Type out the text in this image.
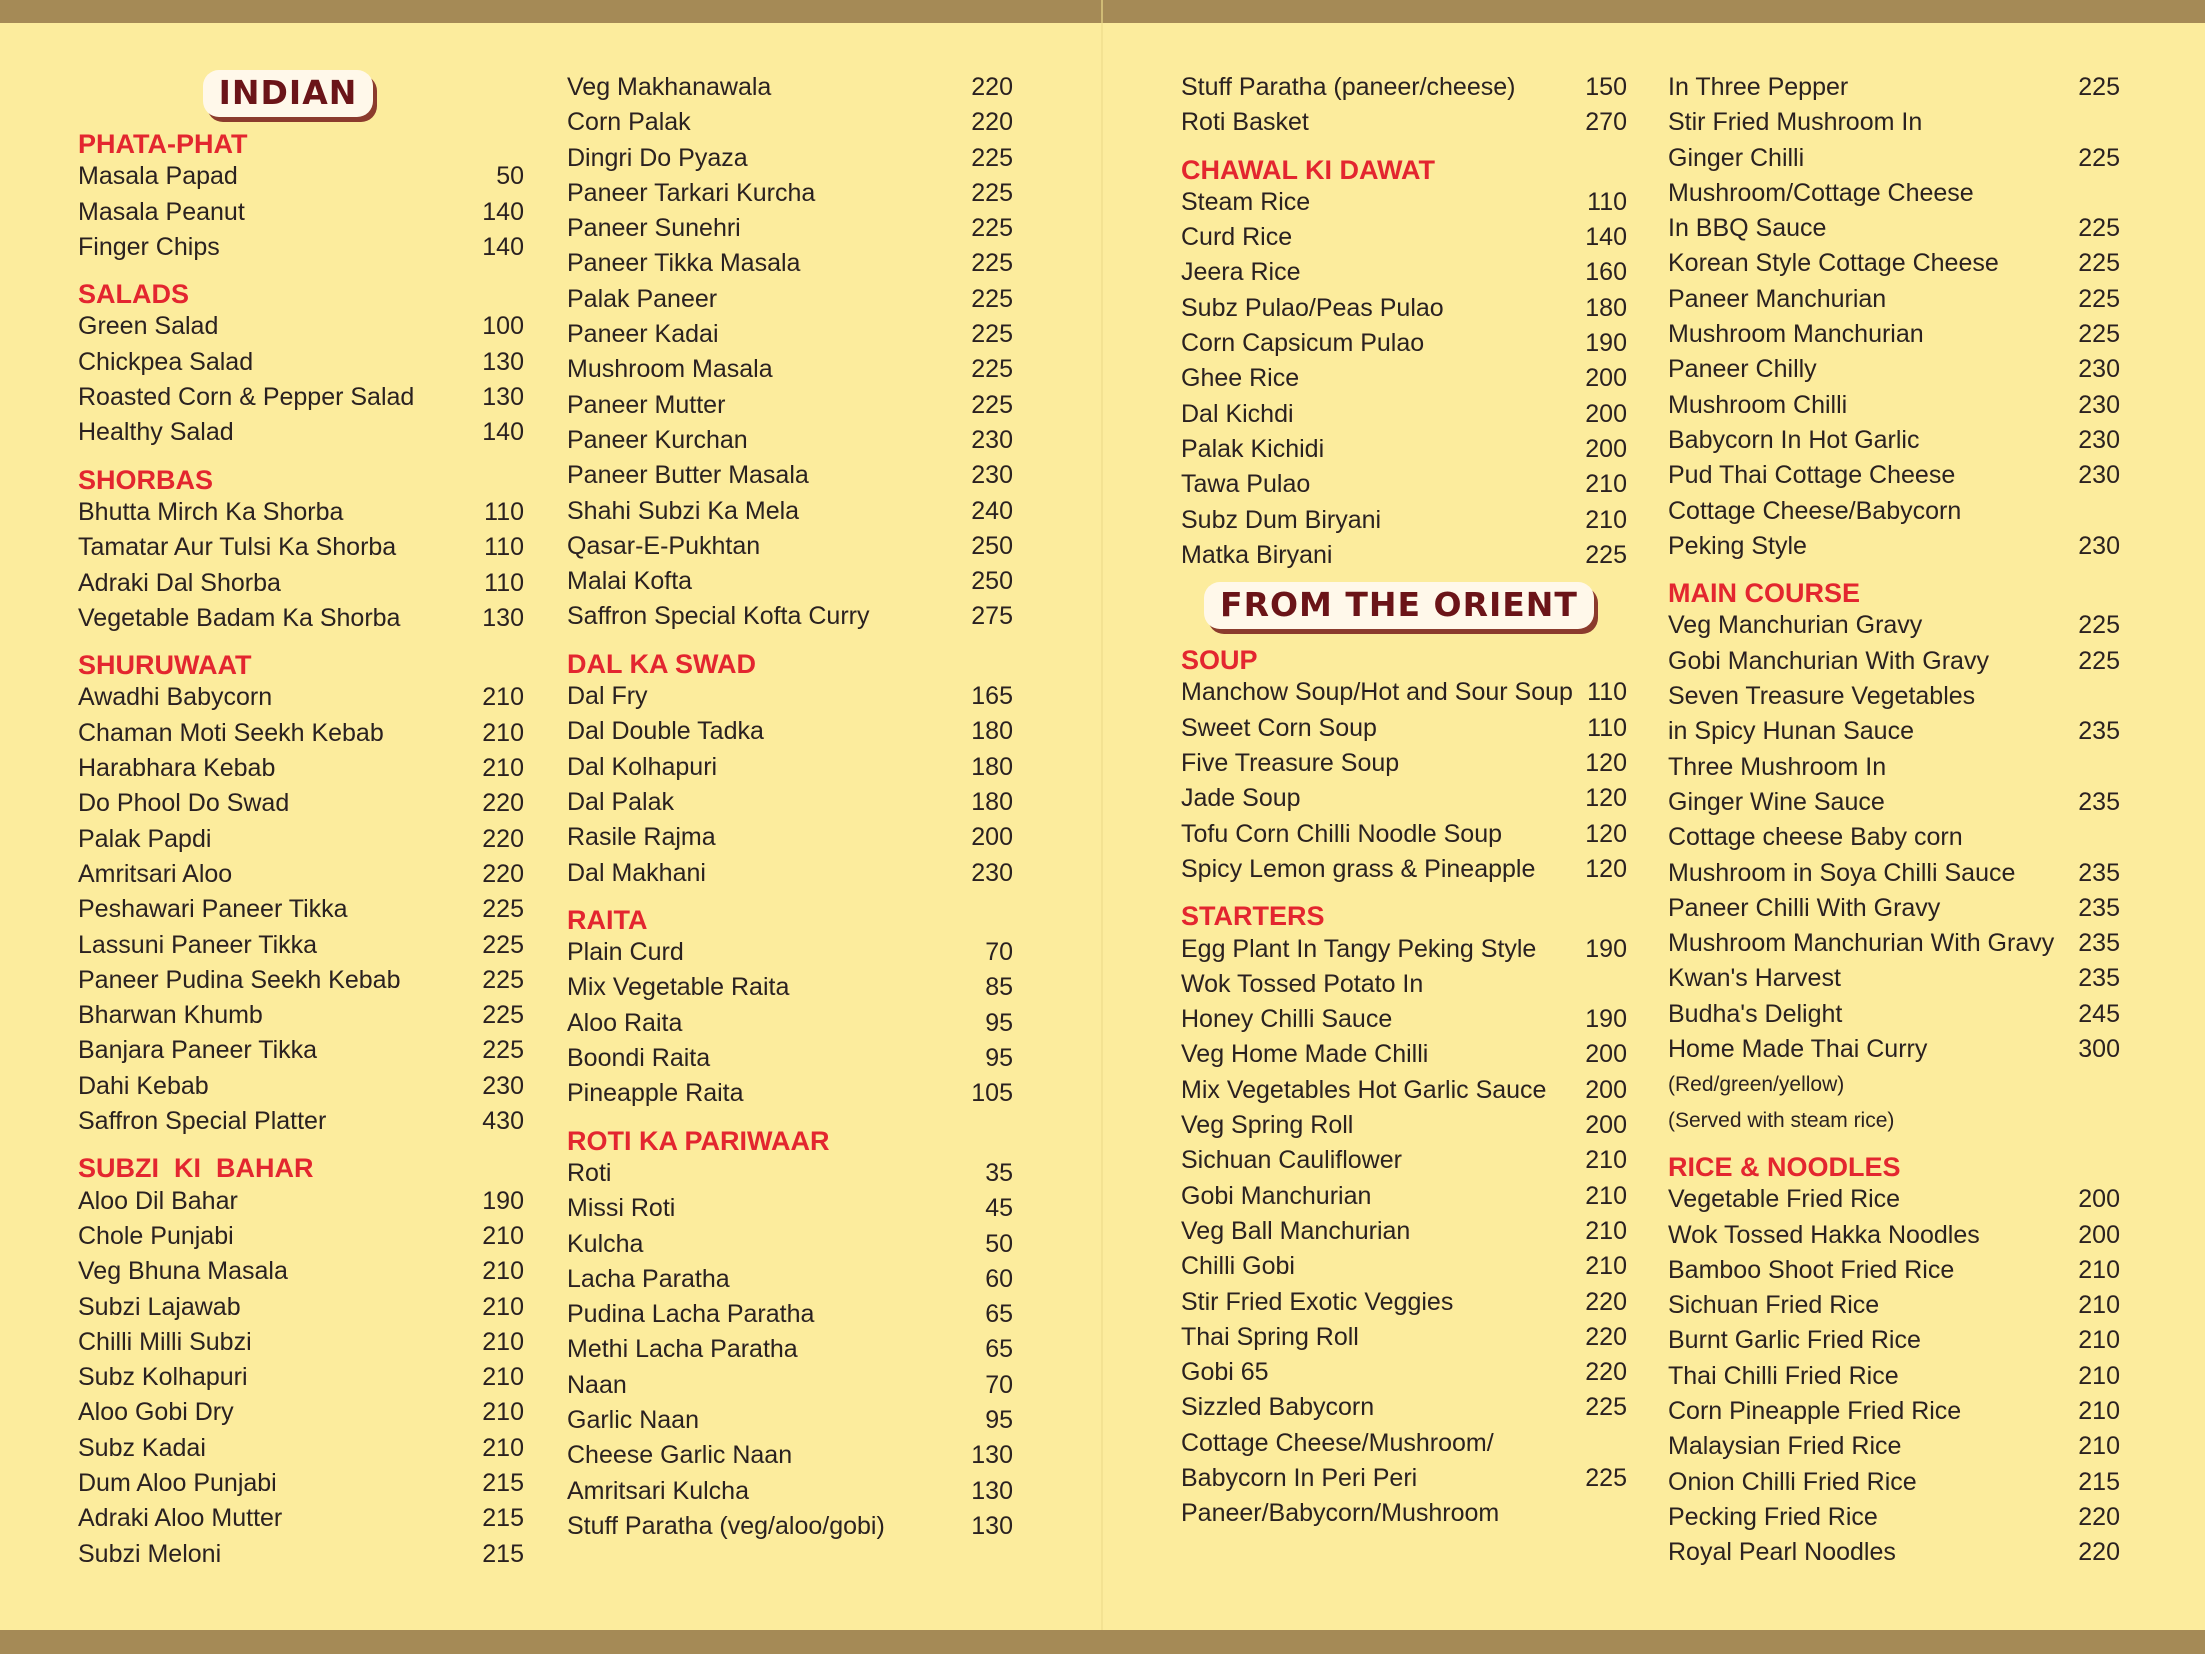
INDIAN
PHATA-PHAT
Masala Papad	50
Masala Peanut	140
Finger Chips	140
SALADS
Green Salad	100
Chickpea Salad	130
Roasted Corn & Pepper Salad	130
Healthy Salad	140
SHORBAS
Bhutta Mirch Ka Shorba	110
Tamatar Aur Tulsi Ka Shorba	110
Adraki Dal Shorba	110
Vegetable Badam Ka Shorba	130
SHURUWAAT
Awadhi Babycorn	210
Chaman Moti Seekh Kebab	210
Harabhara Kebab	210
Do Phool Do Swad	220
Palak Papdi	220
Amritsari Aloo	220
Peshawari Paneer Tikka	225
Lassuni Paneer Tikka	225
Paneer Pudina Seekh Kebab	225
Bharwan Khumb	225
Banjara Paneer Tikka	225
Dahi Kebab	230
Saffron Special Platter	430
SUBZI  KI  BAHAR
Aloo Dil Bahar	190
Chole Punjabi	210
Veg Bhuna Masala	210
Subzi Lajawab	210
Chilli Milli Subzi	210
Subz Kolhapuri	210
Aloo Gobi Dry	210
Subz Kadai	210
Dum Aloo Punjabi	215
Adraki Aloo Mutter	215
Subzi Meloni	215
Veg Makhanawala	220
Corn Palak	220
Dingri Do Pyaza	225
Paneer Tarkari Kurcha	225
Paneer Sunehri	225
Paneer Tikka Masala	225
Palak Paneer	225
Paneer Kadai	225
Mushroom Masala	225
Paneer Mutter	225
Paneer Kurchan	230
Paneer Butter Masala	230
Shahi Subzi Ka Mela	240
Qasar-E-Pukhtan	250
Malai Kofta	250
Saffron Special Kofta Curry	275
DAL KA SWAD
Dal Fry	165
Dal Double Tadka	180
Dal Kolhapuri	180
Dal Palak	180
Rasile Rajma	200
Dal Makhani	230
RAITA
Plain Curd	70
Mix Vegetable Raita	85
Aloo Raita	95
Boondi Raita	95
Pineapple Raita	105
ROTI KA PARIWAAR
Roti	35
Missi Roti	45
Kulcha	50
Lacha Paratha	60
Pudina Lacha Paratha	65
Methi Lacha Paratha	65
Naan	70
Garlic Naan	95
Cheese Garlic Naan	130
Amritsari Kulcha	130
Stuff Paratha (veg/aloo/gobi)	130
Stuff Paratha (paneer/cheese)	150
Roti Basket	270
CHAWAL KI DAWAT
Steam Rice	110
Curd Rice	140
Jeera Rice	160
Subz Pulao/Peas Pulao	180
Corn Capsicum Pulao	190
Ghee Rice	200
Dal Kichdi	200
Palak Kichidi	200
Tawa Pulao	210
Subz Dum Biryani	210
Matka Biryani	225
FROM THE ORIENT
SOUP
Manchow Soup/Hot and Sour Soup 110
Sweet Corn Soup	110
Five Treasure Soup	120
Jade Soup	120
Tofu Corn Chilli Noodle Soup	120
Spicy Lemon grass & Pineapple 120
STARTERS
Egg Plant In Tangy Peking Style 190
Wok Tossed Potato In
Honey Chilli Sauce	190
Veg Home Made Chilli	200
Mix Vegetables Hot Garlic Sauce 200
Veg Spring Roll	200
Sichuan Cauliflower	210
Gobi Manchurian	210
Veg Ball Manchurian	210
Chilli Gobi	210
Stir Fried Exotic Veggies	220
Thai Spring Roll	220
Gobi 65	220
Sizzled Babycorn	225
Cottage Cheese/Mushroom/
Babycorn In Peri Peri	225
Paneer/Babycorn/Mushroom
In Three Pepper	225
Stir Fried Mushroom In
Ginger Chilli	225
Mushroom/Cottage Cheese
In BBQ Sauce	225
Korean Style Cottage Cheese	225
Paneer Manchurian	225
Mushroom Manchurian	225
Paneer Chilly	230
Mushroom Chilli	230
Babycorn In Hot Garlic	230
Pud Thai Cottage Cheese	230
Cottage Cheese/Babycorn
Peking Style	230
MAIN COURSE
Veg Manchurian Gravy	225
Gobi Manchurian With Gravy	225
Seven Treasure Vegetables
in Spicy Hunan Sauce	235
Three Mushroom In
Ginger Wine Sauce	235
Cottage cheese Baby corn
Mushroom in Soya Chilli Sauce	235
Paneer Chilli With Gravy	235
Mushroom Manchurian With Gravy 235
Kwan's Harvest	235
Budha's Delight	245
Home Made Thai Curry	300
(Red/green/yellow)
(Served with steam rice)
RICE & NOODLES
Vegetable Fried Rice	200
Wok Tossed Hakka Noodles	200
Bamboo Shoot Fried Rice	210
Sichuan Fried Rice	210
Burnt Garlic Fried Rice	210
Thai Chilli Fried Rice	210
Corn Pineapple Fried Rice	210
Malaysian Fried Rice	210
Onion Chilli Fried Rice	215
Pecking Fried Rice	220
Royal Pearl Noodles	220
